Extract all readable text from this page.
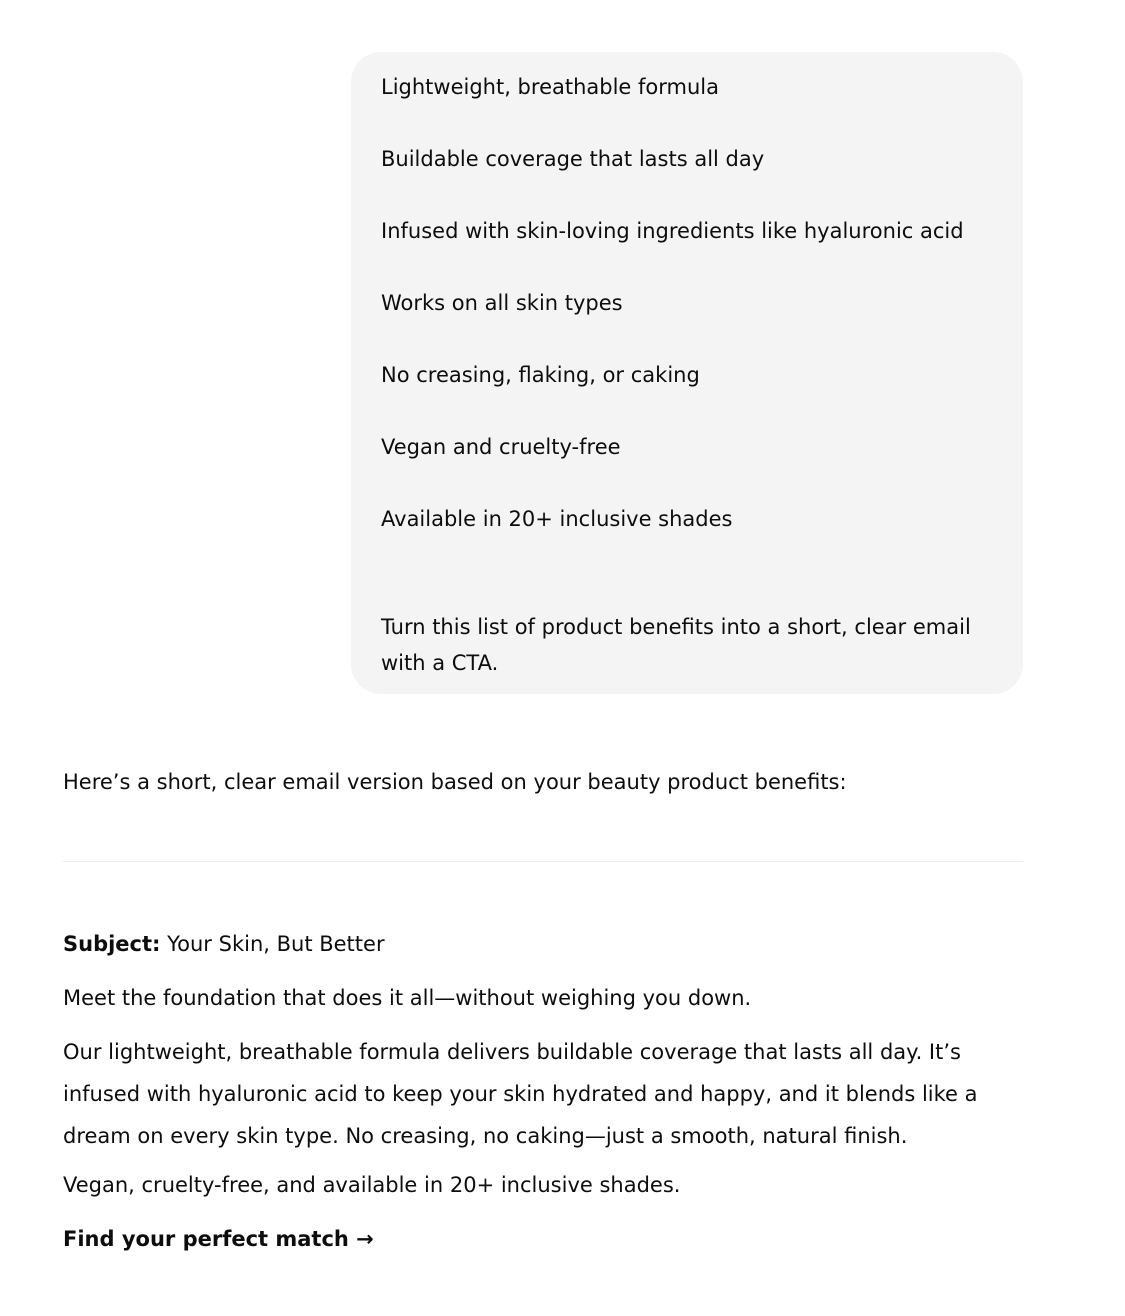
Lightweight, breathable formula

Buildable coverage that lasts all day

Infused with skin-loving ingredients like hyaluronic acid

Works on all skin types

No creasing, flaking, or caking

Vegan and cruelty-free

Available in 20+ inclusive shades

Turn this list of product benefits into a short, clear email with a CTA.

Here’s a short, clear email version based on your beauty product benefits:

Subject: Your Skin, But Better

Meet the foundation that does it all—without weighing you down.

Our lightweight, breathable formula delivers buildable coverage that lasts all day. It’s infused with hyaluronic acid to keep your skin hydrated and happy, and it blends like a dream on every skin type. No creasing, no caking—just a smooth, natural finish.

Vegan, cruelty-free, and available in 20+ inclusive shades.

Find your perfect match →
